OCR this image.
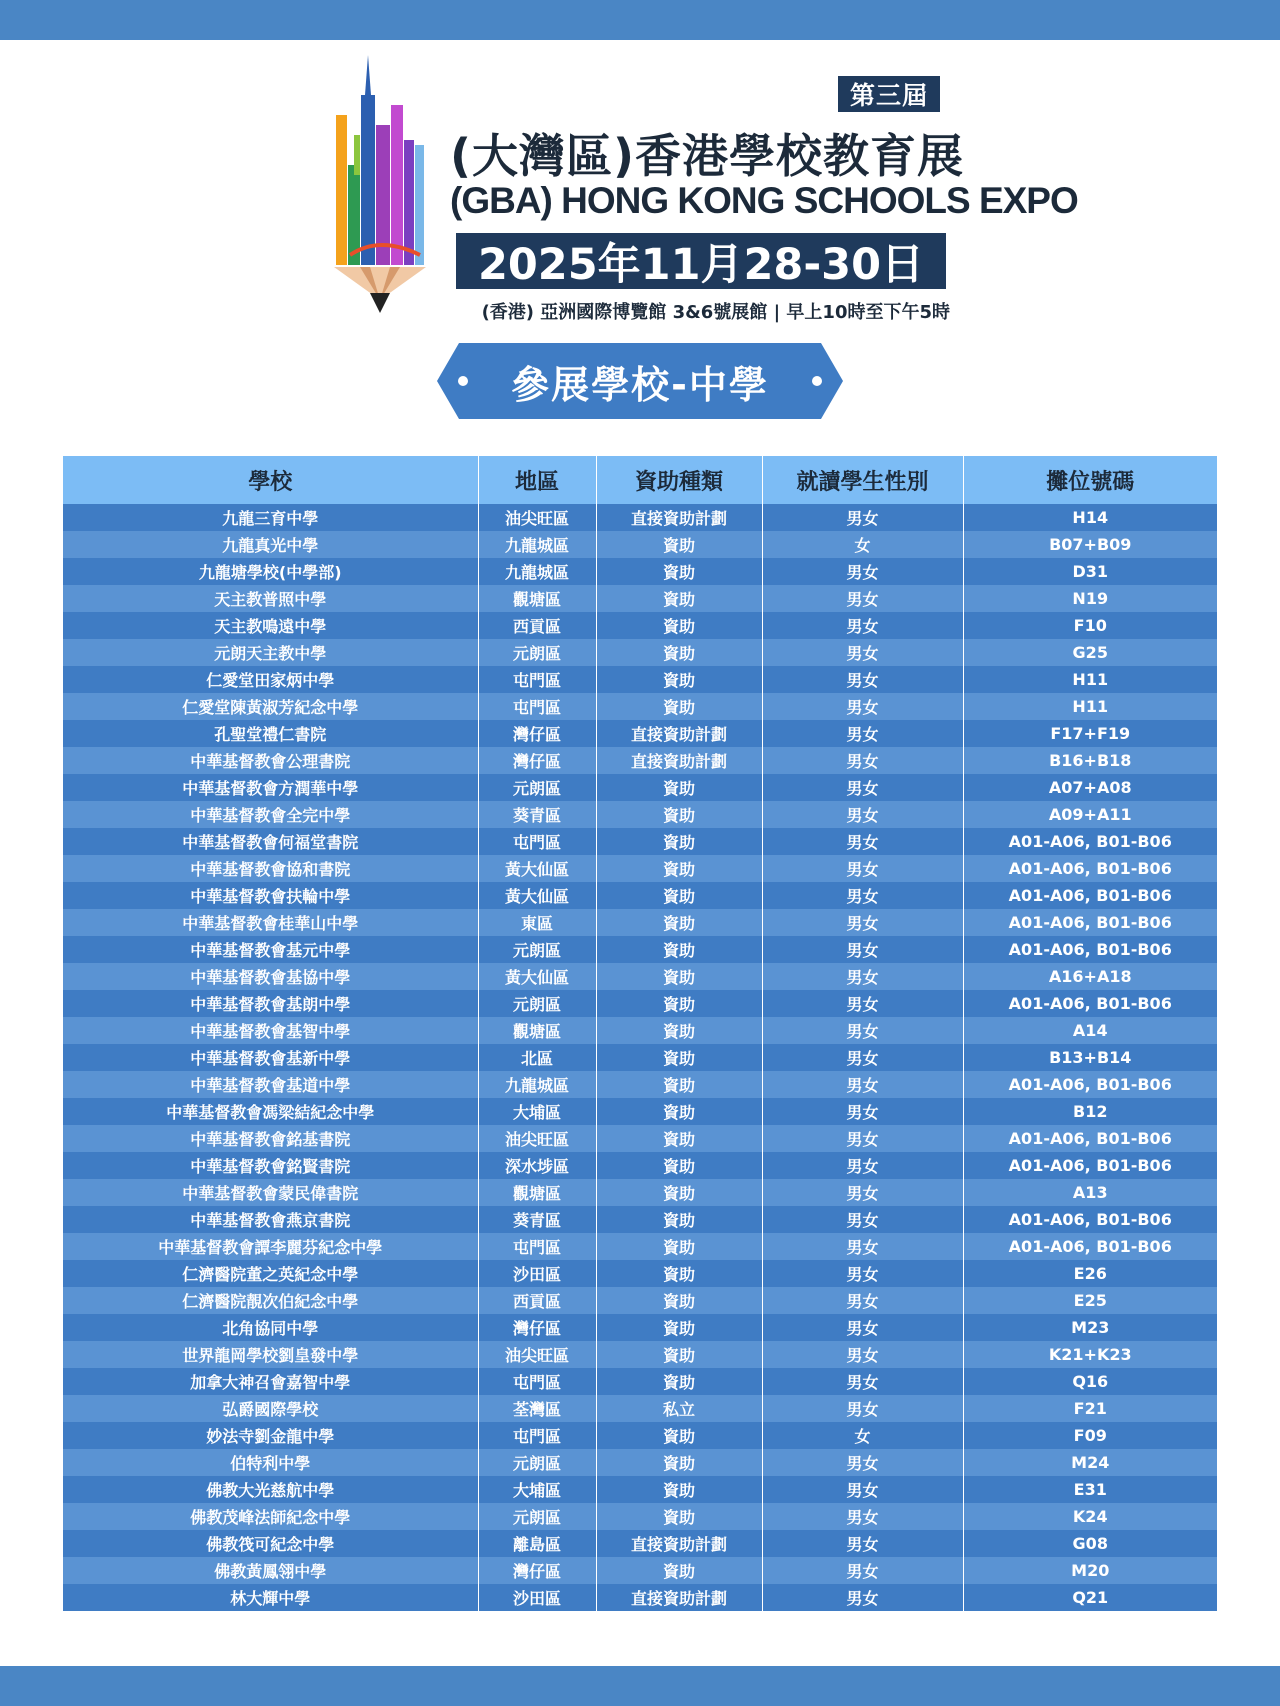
第三屆
(大灣區)香港學校教育展
(GBA) HONG KONG SCHOOLS EXPO
2025年11月28-30日
(香港) 亞洲國際博覽館 3&6號展館 | 早上10時至下午5時
參展學校-中學
學校	地區	資助種類	就讀學生性別	攤位號碼
九龍三育中學	油尖旺區	直接資助計劃	男女	H14
九龍真光中學	九龍城區	資助	女	B07+B09
九龍塘學校(中學部)	九龍城區	資助	男女	D31
天主教普照中學	觀塘區	資助	男女	N19
天主教鳴遠中學	西貢區	資助	男女	F10
元朗天主教中學	元朗區	資助	男女	G25
仁愛堂田家炳中學	屯門區	資助	男女	H11
仁愛堂陳黃淑芳紀念中學	屯門區	資助	男女	H11
孔聖堂禮仁書院	灣仔區	直接資助計劃	男女	F17+F19
中華基督教會公理書院	灣仔區	直接資助計劃	男女	B16+B18
中華基督教會方潤華中學	元朗區	資助	男女	A07+A08
中華基督教會全完中學	葵青區	資助	男女	A09+A11
中華基督教會何福堂書院	屯門區	資助	男女	A01-A06, B01-B06
中華基督教會協和書院	黃大仙區	資助	男女	A01-A06, B01-B06
中華基督教會扶輪中學	黃大仙區	資助	男女	A01-A06, B01-B06
中華基督教會桂華山中學	東區	資助	男女	A01-A06, B01-B06
中華基督教會基元中學	元朗區	資助	男女	A01-A06, B01-B06
中華基督教會基協中學	黃大仙區	資助	男女	A16+A18
中華基督教會基朗中學	元朗區	資助	男女	A01-A06, B01-B06
中華基督教會基智中學	觀塘區	資助	男女	A14
中華基督教會基新中學	北區	資助	男女	B13+B14
中華基督教會基道中學	九龍城區	資助	男女	A01-A06, B01-B06
中華基督教會馮梁結紀念中學	大埔區	資助	男女	B12
中華基督教會銘基書院	油尖旺區	資助	男女	A01-A06, B01-B06
中華基督教會銘賢書院	深水埗區	資助	男女	A01-A06, B01-B06
中華基督教會蒙民偉書院	觀塘區	資助	男女	A13
中華基督教會燕京書院	葵青區	資助	男女	A01-A06, B01-B06
中華基督教會譚李麗芬紀念中學	屯門區	資助	男女	A01-A06, B01-B06
仁濟醫院董之英紀念中學	沙田區	資助	男女	E26
仁濟醫院靚次伯紀念中學	西貢區	資助	男女	E25
北角協同中學	灣仔區	資助	男女	M23
世界龍岡學校劉皇發中學	油尖旺區	資助	男女	K21+K23
加拿大神召會嘉智中學	屯門區	資助	男女	Q16
弘爵國際學校	荃灣區	私立	男女	F21
妙法寺劉金龍中學	屯門區	資助	女	F09
伯特利中學	元朗區	資助	男女	M24
佛教大光慈航中學	大埔區	資助	男女	E31
佛教茂峰法師紀念中學	元朗區	資助	男女	K24
佛教筏可紀念中學	離島區	直接資助計劃	男女	G08
佛教黃鳳翎中學	灣仔區	資助	男女	M20
林大輝中學	沙田區	直接資助計劃	男女	Q21
